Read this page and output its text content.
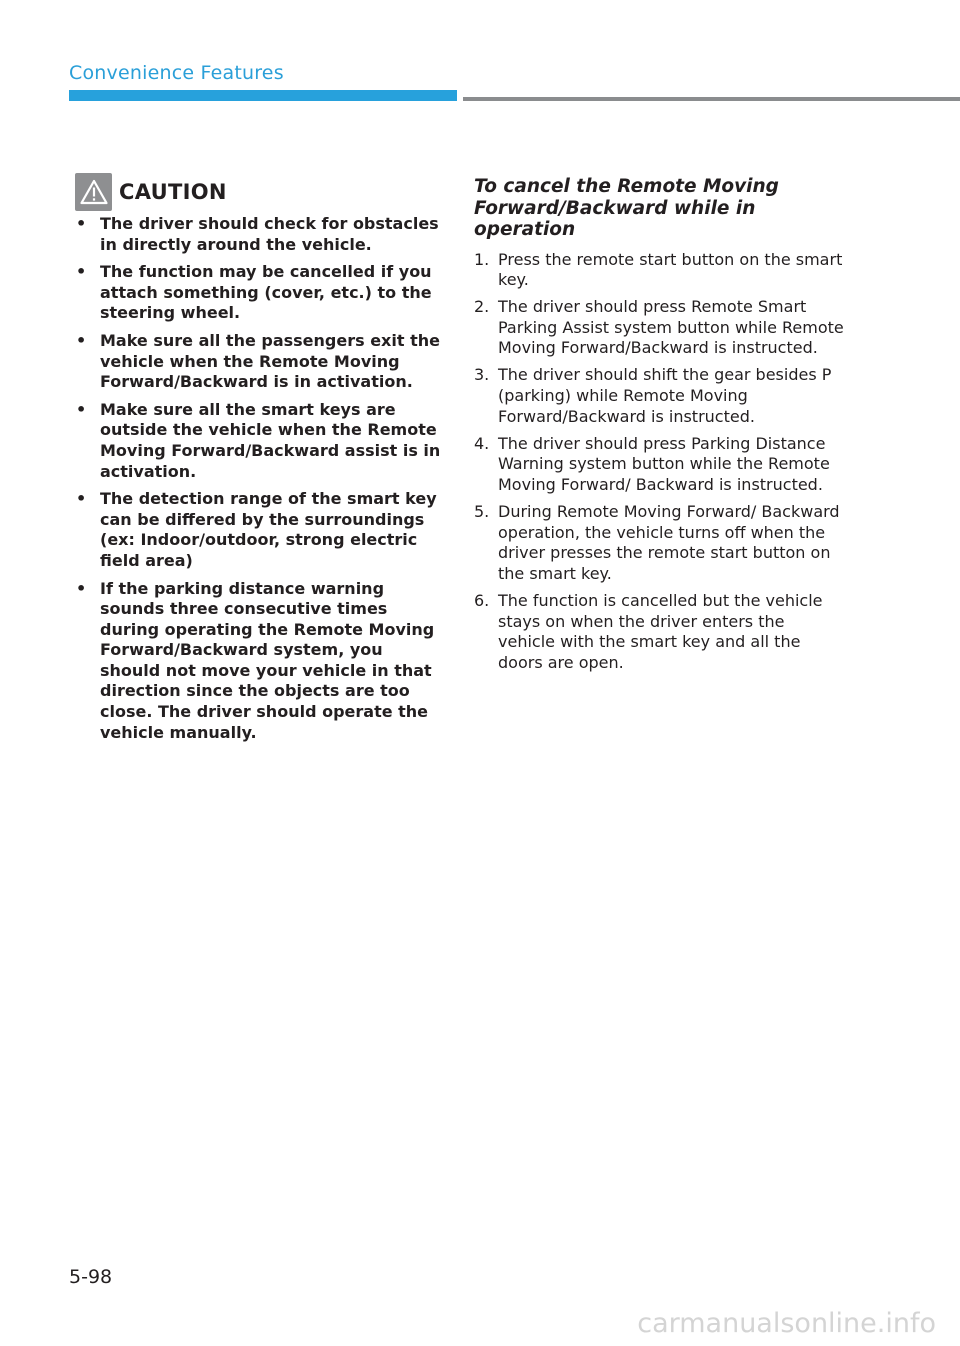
Convenience Features
CAUTION
• The driver should check for obstacles in directly around the vehicle.
• The function may be cancelled if you attach something (cover, etc.) to the steering wheel.
• Make sure all the passengers exit the vehicle when the Remote Moving Forward/Backward is in activation.
• Make sure all the smart keys are outside the vehicle when the Remote Moving Forward/Backward assist is in activation.
• The detection range of the smart key can be differed by the surroundings (ex: Indoor/outdoor, strong electric field area)
• If the parking distance warning sounds three consecutive times during operating the Remote Moving Forward/Backward system, you should not move your vehicle in that direction since the objects are too close. The driver should operate the vehicle manually.
To cancel the Remote Moving Forward/Backward while in operation
1. Press the remote start button on the smart key.
2. The driver should press Remote Smart Parking Assist system button while Remote Moving Forward/Backward is instructed.
3. The driver should shift the gear besides P (parking) while Remote Moving Forward/Backward is instructed.
4. The driver should press Parking Distance Warning system button while the Remote Moving Forward/ Backward is instructed.
5. During Remote Moving Forward/ Backward operation, the vehicle turns off when the driver presses the remote start button on the smart key.
6. The function is cancelled but the vehicle stays on when the driver enters the vehicle with the smart key and all the doors are open.
5-98
carmanualsonline.info
